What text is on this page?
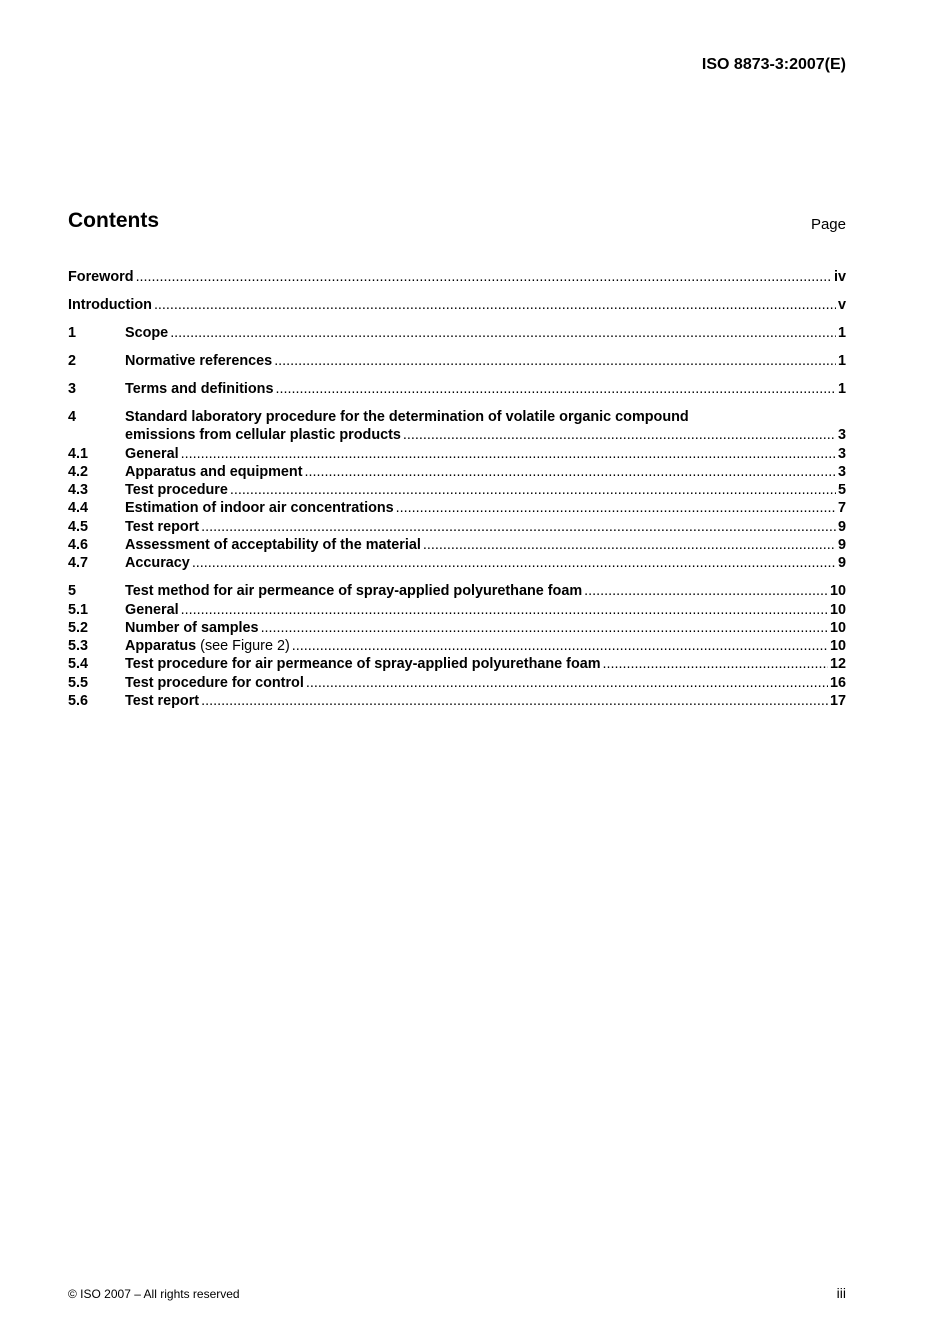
ISO 8873-3:2007(E)
Contents	Page
Foreword .....	iv
Introduction .....	v
1	Scope .....	1
2	Normative references .....	1
3	Terms and definitions .....	1
4	Standard laboratory procedure for the determination of volatile organic compound
emissions from cellular plastic products .....	3
4.1	General .....	3
4.2	Apparatus and equipment .....	3
4.3	Test procedure .....	5
4.4	Estimation of indoor air concentrations .....	7
4.5	Test report .....	9
4.6	Assessment of acceptability of the material .....	9
4.7	Accuracy .....	9
5	Test method for air permeance of spray-applied polyurethane foam .....	10
5.1	General .....	10
5.2	Number of samples .....	10
5.3	Apparatus (see Figure 2) .....	10
5.4	Test procedure for air permeance of spray-applied polyurethane foam .....	12
5.5	Test procedure for control .....	16
5.6	Test report .....	17
© ISO 2007 – All rights reserved	iii
